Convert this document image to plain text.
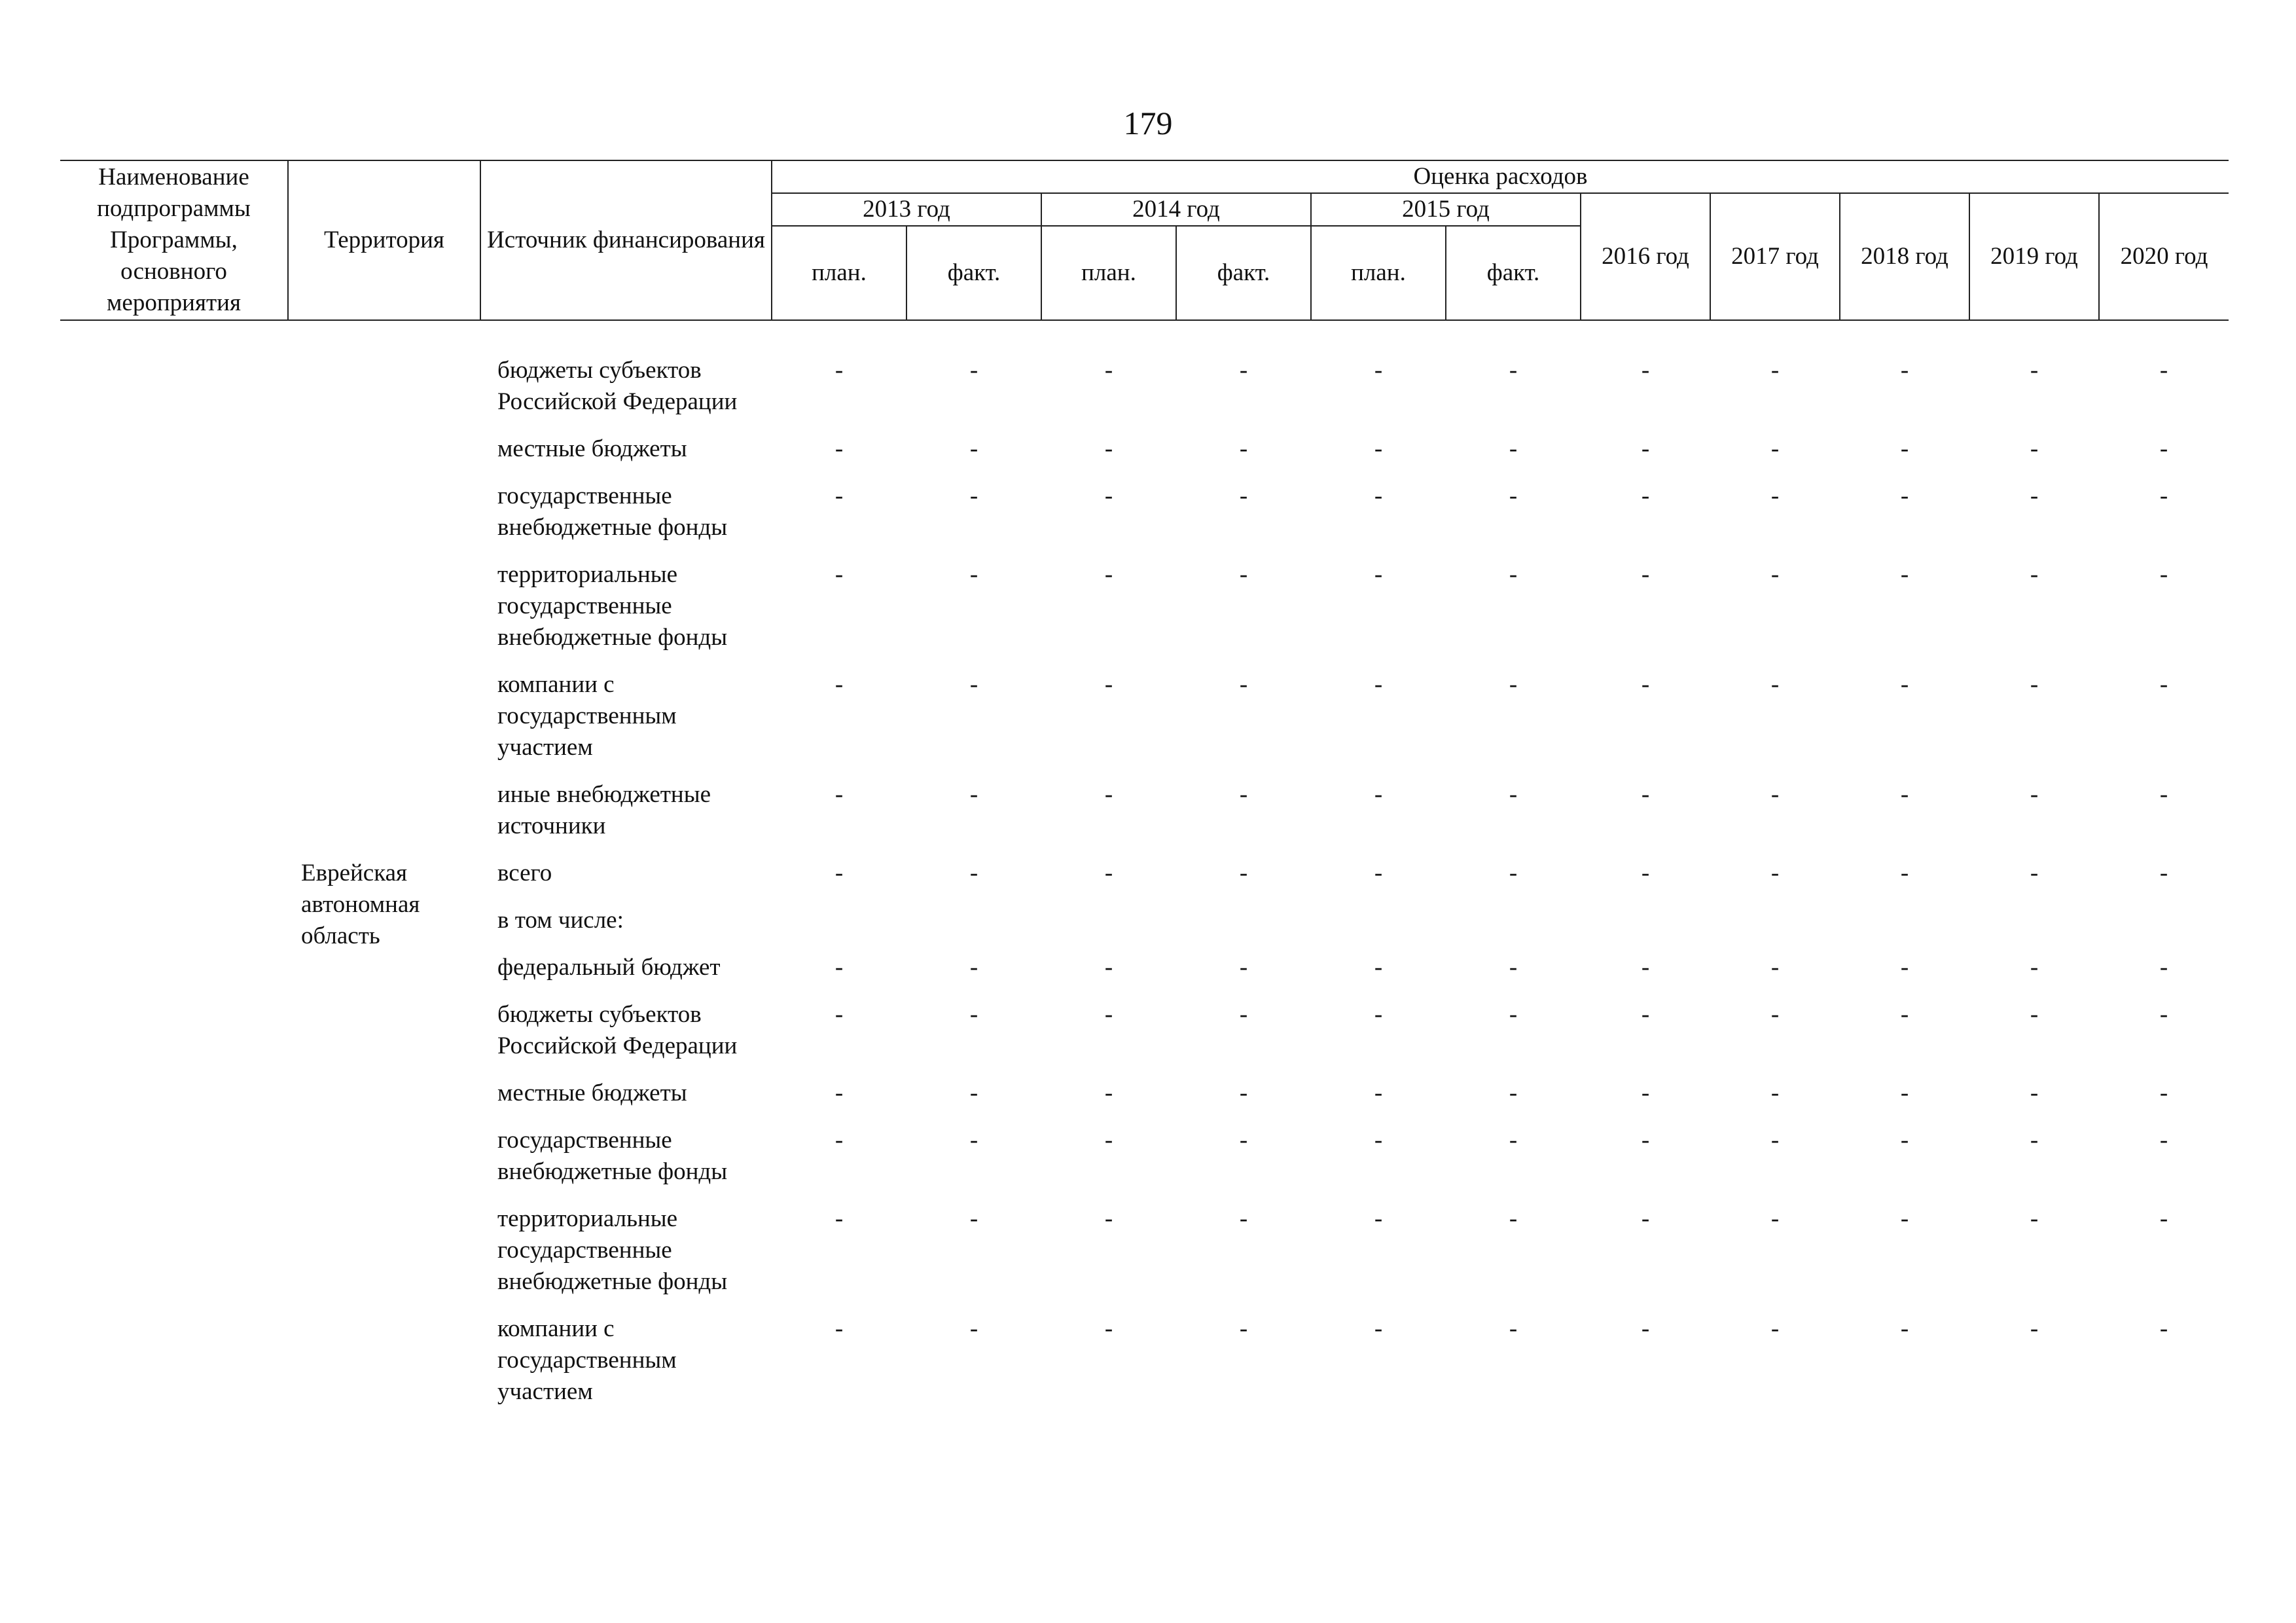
179
Наименование подпрограммы Программы, основного мероприятия	Территория	Источник финансирования	Оценка расходов										
			2013 год		2014 год		2015 год		2016 год	2017 год	2018 год	2019 год	2020 год
			план.	факт.	план.	факт.	план.	факт.					

		бюджеты субъектов Российской Федерации	-	-	-	-	-	-	-	-	-	-	-
		местные бюджеты	-	-	-	-	-	-	-	-	-	-	-
		государственные внебюджетные фонды	-	-	-	-	-	-	-	-	-	-	-
		территориальные государственные внебюджетные фонды	-	-	-	-	-	-	-	-	-	-	-
		компании с государственным участием	-	-	-	-	-	-	-	-	-	-	-
		иные внебюджетные источники	-	-	-	-	-	-	-	-	-	-	-
	Еврейская автономная область	всего	-	-	-	-	-	-	-	-	-	-	-
		в том числе:											
		федеральный бюджет	-	-	-	-	-	-	-	-	-	-	-
		бюджеты субъектов Российской Федерации	-	-	-	-	-	-	-	-	-	-	-
		местные бюджеты	-	-	-	-	-	-	-	-	-	-	-
		государственные внебюджетные фонды	-	-	-	-	-	-	-	-	-	-	-
		территориальные государственные внебюджетные фонды	-	-	-	-	-	-	-	-	-	-	-
		компании с государственным участием	-	-	-	-	-	-	-	-	-	-	-
